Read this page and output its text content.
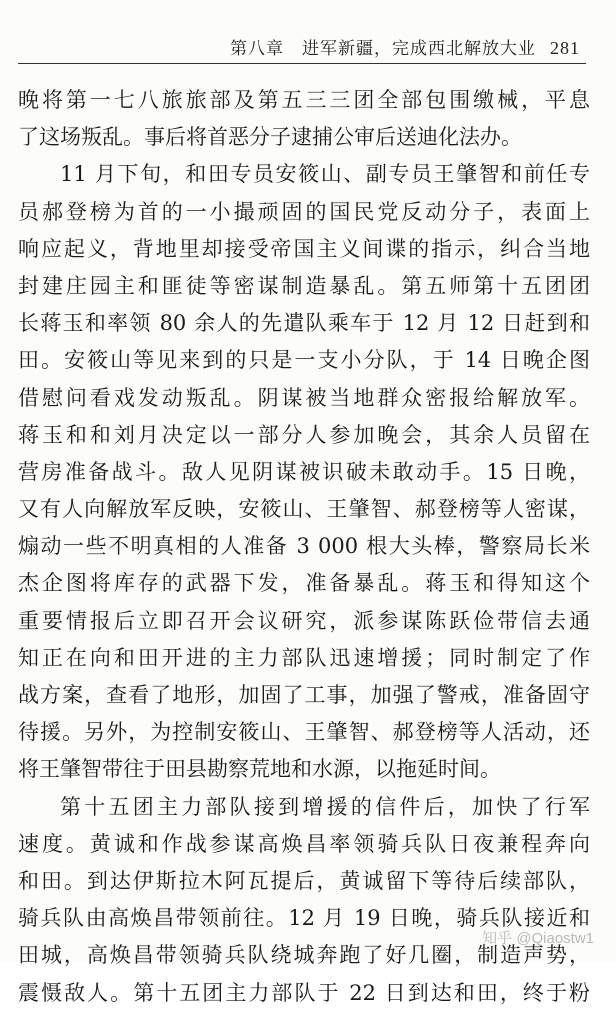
第八章　进军新疆，完成西北解放大业 281
晚将第一七八旅旅部及第五三三团全部包围缴械，平息
了这场叛乱。事后将首恶分子逮捕公审后送迪化法办。
11 月下旬，和田专员安筱山、副专员王肇智和前任专
员郝登榜为首的一小撮顽固的国民党反动分子，表面上
响应起义，背地里却接受帝国主义间谍的指示，纠合当地
封建庄园主和匪徒等密谋制造暴乱。第五师第十五团团
长蒋玉和率领 80 余人的先遣队乘车于 12 月 12 日赶到和
田。安筱山等见来到的只是一支小分队，于 14 日晚企图
借慰问看戏发动叛乱。阴谋被当地群众密报给解放军。
蒋玉和和刘月决定以一部分人参加晚会，其余人员留在
营房准备战斗。敌人见阴谋被识破未敢动手。15 日晚，
又有人向解放军反映，安筱山、王肇智、郝登榜等人密谋，
煽动一些不明真相的人准备 3 000 根大头棒，警察局长米
杰企图将库存的武器下发，准备暴乱。蒋玉和得知这个
重要情报后立即召开会议研究，派参谋陈跃俭带信去通
知正在向和田开进的主力部队迅速增援；同时制定了作
战方案，查看了地形，加固了工事，加强了警戒，准备固守
待援。另外，为控制安筱山、王肇智、郝登榜等人活动，还
将王肇智带往于田县勘察荒地和水源，以拖延时间。
第十五团主力部队接到增援的信件后，加快了行军
速度。黄诚和作战参谋高焕昌率领骑兵队日夜兼程奔向
和田。到达伊斯拉木阿瓦提后，黄诚留下等待后续部队，
骑兵队由高焕昌带领前往。12 月 19 日晚，骑兵队接近和
田城，高焕昌带领骑兵队绕城奔跑了好几圈，制造声势，
震慑敌人。第十五团主力部队于 22 日到达和田，终于粉
知乎 @Qiaostw1
